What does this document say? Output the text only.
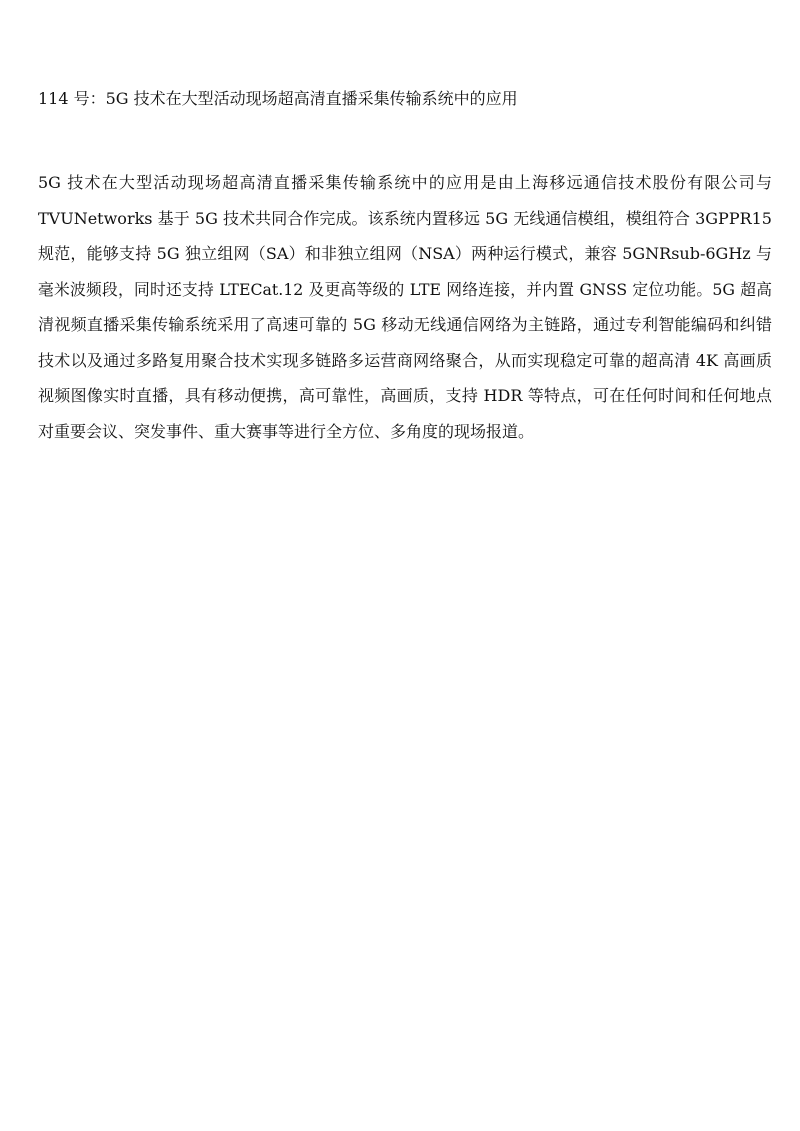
114 号：5G 技术在大型活动现场超高清直播采集传输系统中的应用
5G 技术在大型活动现场超高清直播采集传输系统中的应用是由上海移远通信技术股份有限公司与
TVUNetworks 基于 5G 技术共同合作完成。该系统内置移远 5G 无线通信模组，模组符合 3GPPR15
规范，能够支持 5G 独立组网（SA）和非独立组网（NSA）两种运行模式，兼容 5GNRsub-6GHz 与
毫米波频段，同时还支持 LTECat.12 及更高等级的 LTE 网络连接，并内置 GNSS 定位功能。5G 超高
清视频直播采集传输系统采用了高速可靠的 5G 移动无线通信网络为主链路，通过专利智能编码和纠错
技术以及通过多路复用聚合技术实现多链路多运营商网络聚合，从而实现稳定可靠的超高清 4K 高画质
视频图像实时直播，具有移动便携，高可靠性，高画质，支持 HDR 等特点，可在任何时间和任何地点
对重要会议、突发事件、重大赛事等进行全方位、多角度的现场报道。
